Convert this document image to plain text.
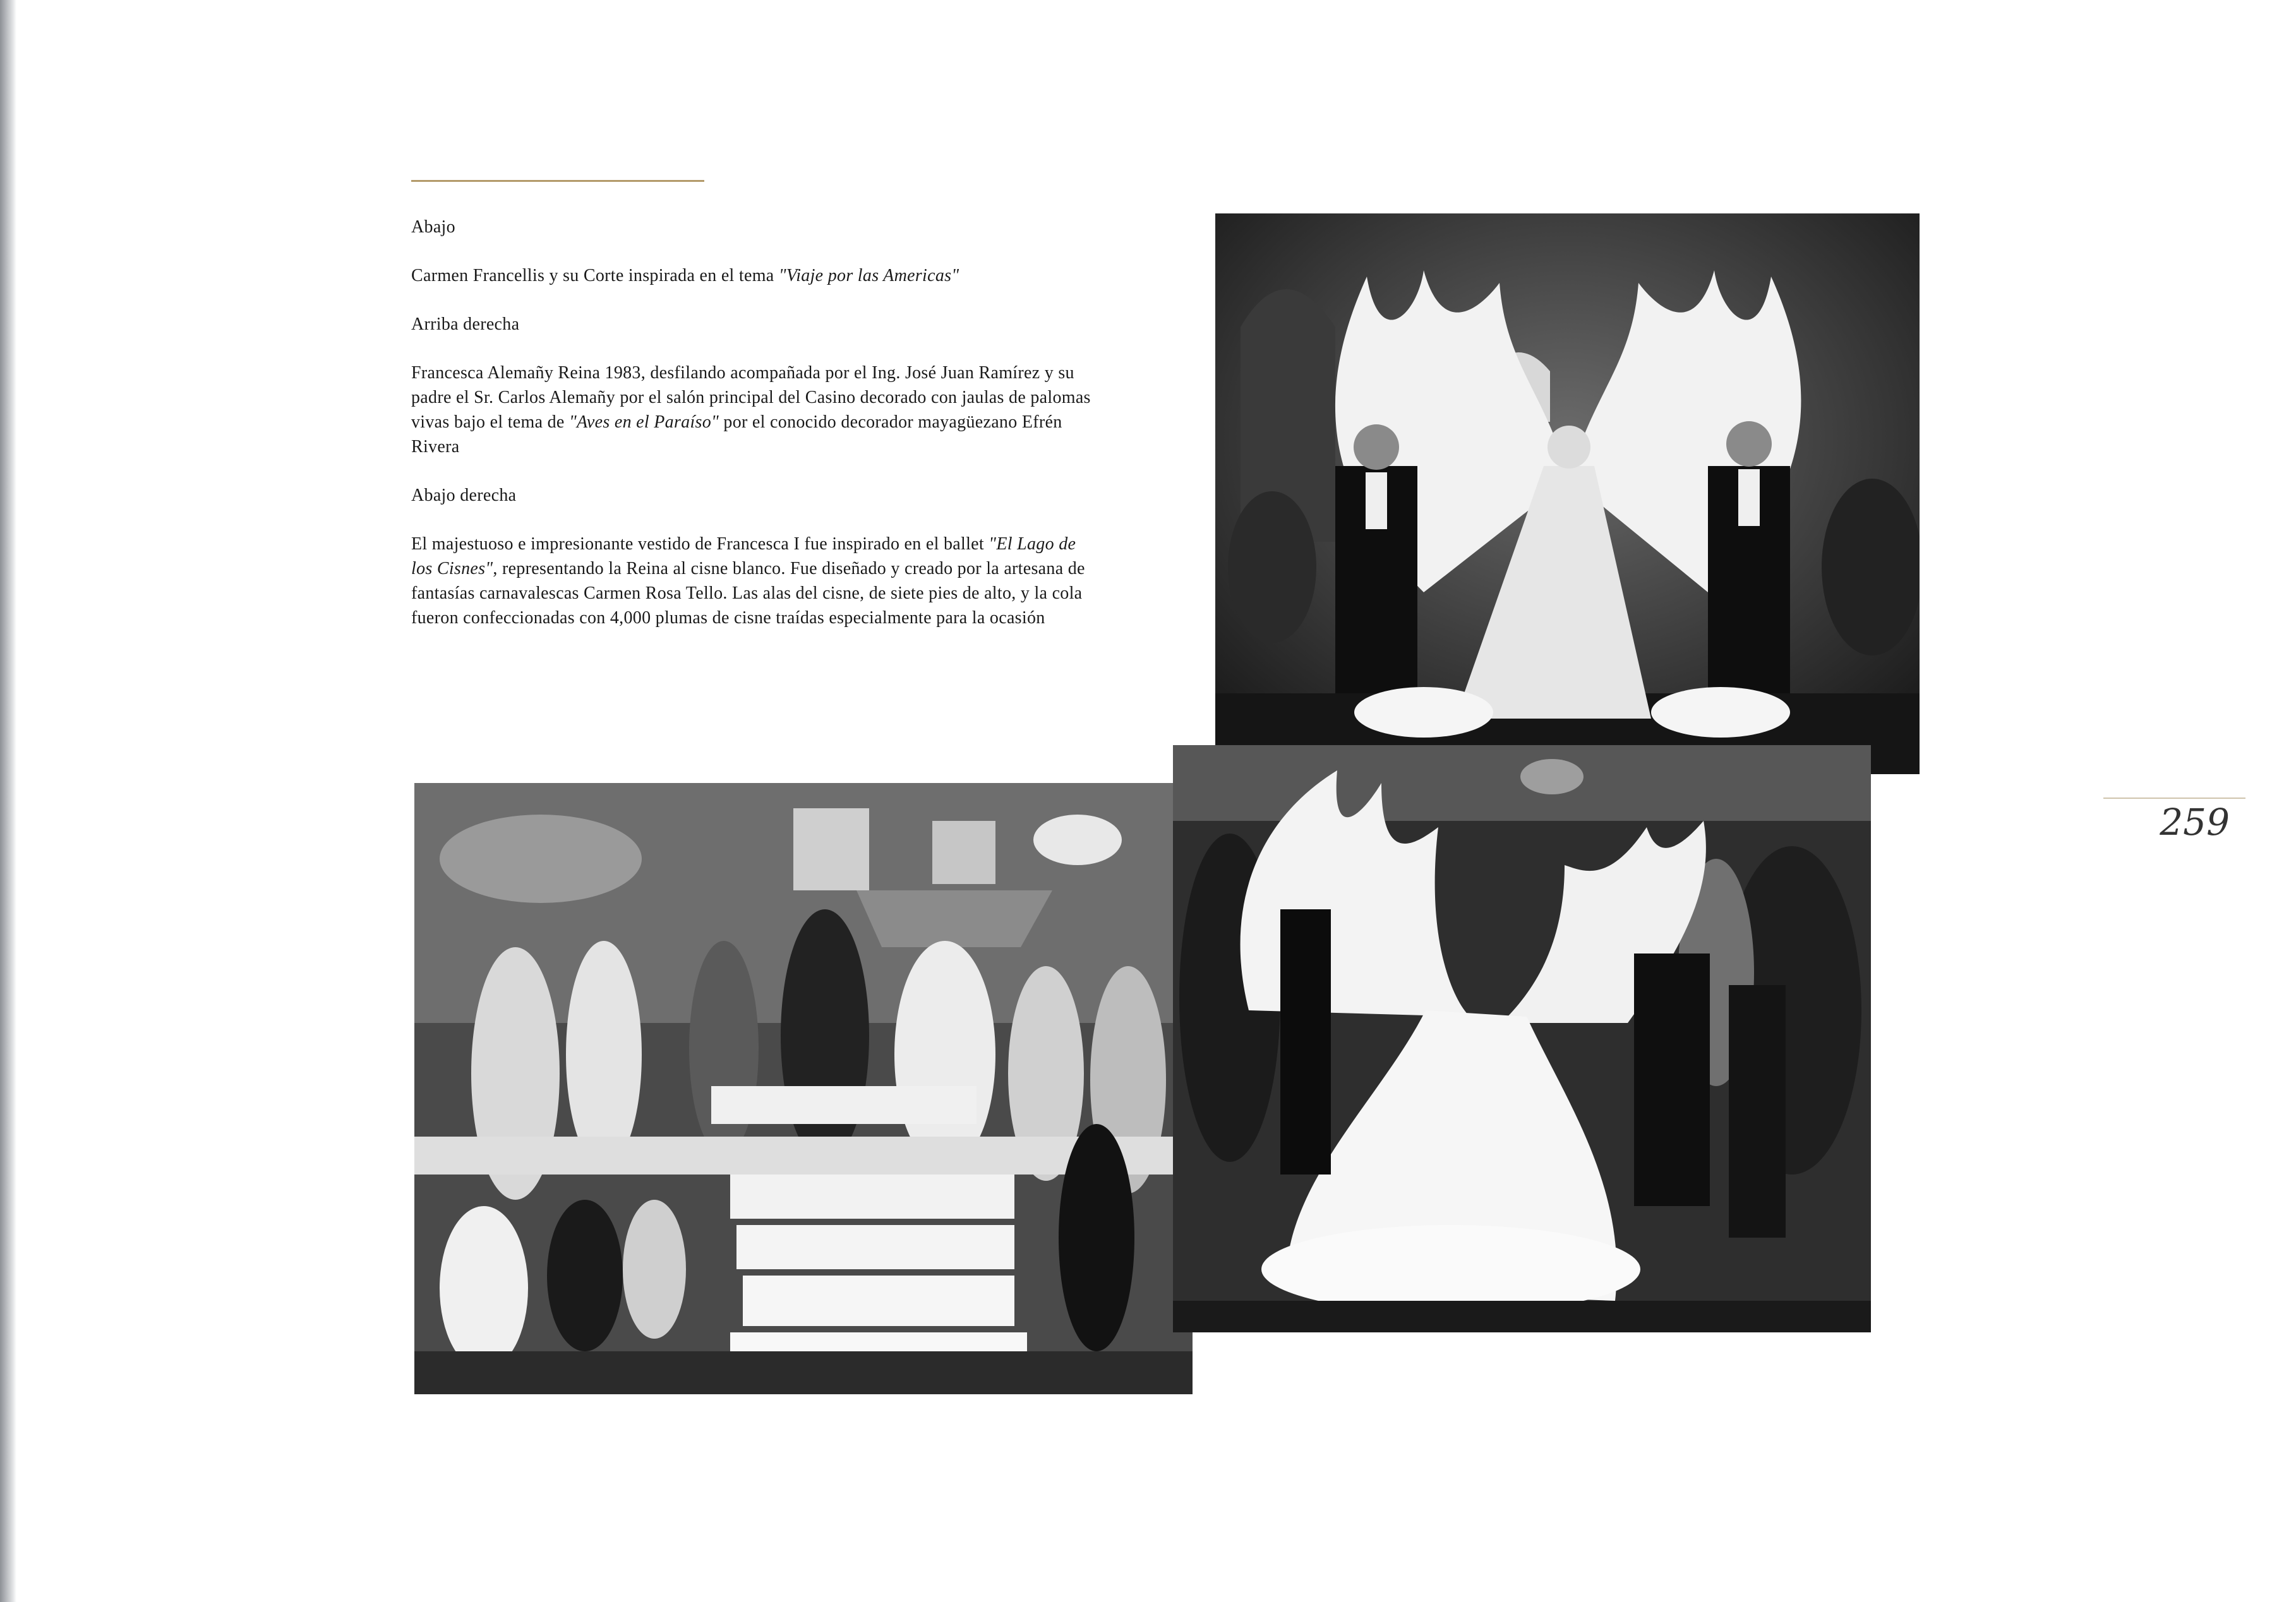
Abajo

Carmen Francellis y su Corte inspirada en el tema "Viaje por las Americas"

Arriba derecha

Francesca Alemañy Reina 1983, desfilando acompañada por el Ing. José Juan Ramírez y su padre el Sr. Carlos Alemañy por el salón principal del Casino decorado con jaulas de palomas vivas bajo el tema de "Aves en el Paraíso" por el conocido decorador mayagüezano Efrén Rivera

Abajo derecha

El majestuoso e impresionante vestido de Francesca I fue inspirado en el ballet "El Lago de los Cisnes", representando la Reina al cisne blanco. Fue diseñado y creado por la artesana de fantasías carnavalescas Carmen Rosa Tello. Las alas del cisne, de siete pies de alto, y la cola fueron confeccionadas con 4,000 plumas de cisne traídas especialmente para la ocasión

259
